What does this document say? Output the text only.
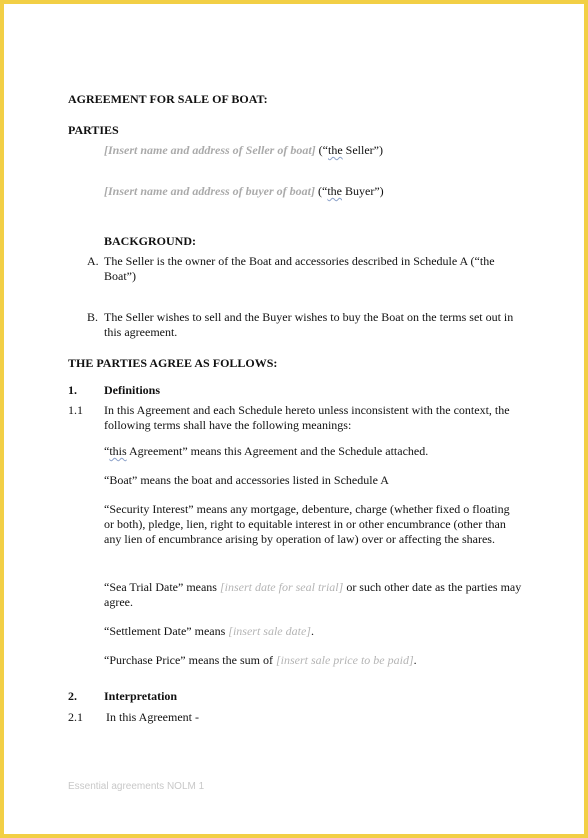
AGREEMENT FOR SALE OF BOAT:
PARTIES
[Insert name and address of Seller of boat] (“the Seller”)
[Insert name and address of buyer of boat] (“the Buyer”)
BACKGROUND:
A. The Seller is the owner of the Boat and accessories described in Schedule A (“the Boat”)
B. The Seller wishes to sell and the Buyer wishes to buy the Boat on the terms set out in this agreement.
THE PARTIES AGREE AS FOLLOWS:
1. Definitions
1.1 In this Agreement and each Schedule hereto unless inconsistent with the context, the following terms shall have the following meanings:
“this Agreement” means this Agreement and the Schedule attached.
“Boat” means the boat and accessories listed in Schedule A
“Security Interest” means any mortgage, debenture, charge (whether fixed o floating or both), pledge, lien, right to equitable interest in or other encumbrance (other than any lien of encumbrance arising by operation of law) over or affecting the shares.
“Sea Trial Date” means [insert date for seal trial] or such other date as the parties may agree.
“Settlement Date” means [insert sale date].
“Purchase Price” means the sum of [insert sale price to be paid].
2. Interpretation
2.1 In this Agreement -
Essential agreements NOLM 1
